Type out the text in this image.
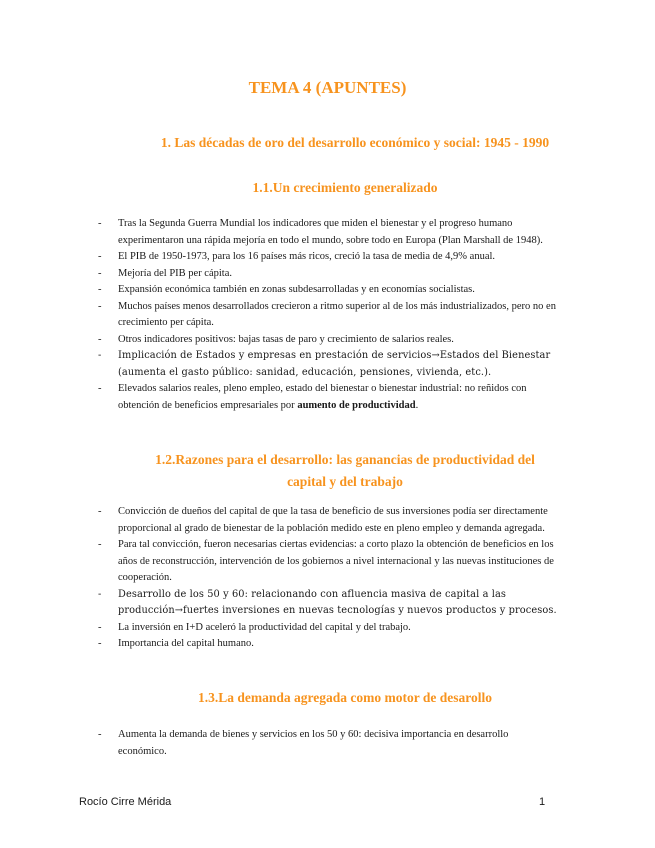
TEMA 4 (APUNTES)
1. Las décadas de oro del desarrollo económico y social: 1945 - 1990
1.1.Un crecimiento generalizado
- Tras la Segunda Guerra Mundial los indicadores que miden el bienestar y el progreso humano experimentaron una rápida mejoría en todo el mundo, sobre todo en Europa (Plan Marshall de 1948).
- El PIB de 1950-1973, para los 16 países más ricos, creció la tasa de media de 4,9% anual.
- Mejoría del PIB per cápita.
- Expansión económica también en zonas subdesarrolladas y en economías socialistas.
- Muchos países menos desarrollados crecieron a ritmo superior al de los más industrializados, pero no en crecimiento per cápita.
- Otros indicadores positivos: bajas tasas de paro y crecimiento de salarios reales.
- Implicación de Estados y empresas en prestación de servicios→Estados del Bienestar (aumenta el gasto público: sanidad, educación, pensiones, vivienda, etc.).
- Elevados salarios reales, pleno empleo, estado del bienestar o bienestar industrial: no reñidos con obtención de beneficios empresariales por aumento de productividad.
1.2.Razones para el desarrollo: las ganancias de productividad del
capital y del trabajo
- Convicción de dueños del capital de que la tasa de beneficio de sus inversiones podía ser directamente proporcional al grado de bienestar de la población medido este en pleno empleo y demanda agregada.
- Para tal convicción, fueron necesarias ciertas evidencias: a corto plazo la obtención de beneficios en los años de reconstrucción, intervención de los gobiernos a nivel internacional y las nuevas instituciones de cooperación.
- Desarrollo de los 50 y 60: relacionando con afluencia masiva de capital a las producción→fuertes inversiones en nuevas tecnologías y nuevos productos y procesos.
- La inversión en I+D aceleró la productividad del capital y del trabajo.
- Importancia del capital humano.
1.3.La demanda agregada como motor de desarollo
- Aumenta la demanda de bienes y servicios en los 50 y 60: decisiva importancia en desarrollo económico.
Rocío Cirre Mérida	1
